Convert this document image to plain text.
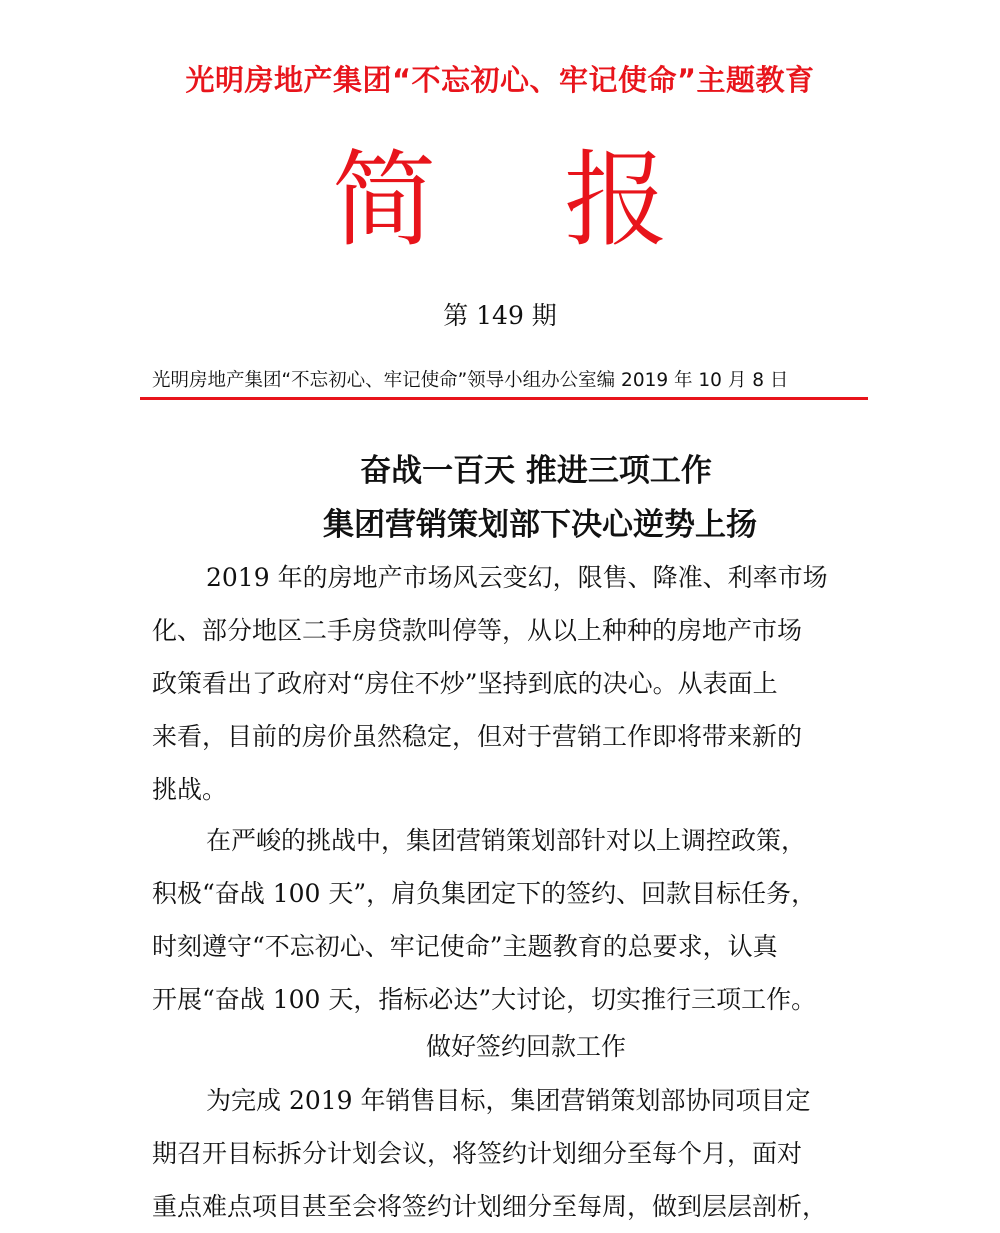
光明房地产集团“不忘初心、牢记使命”主题教育
简报
第 149 期
光明房地产集团“不忘初心、牢记使命”领导小组办公室编 2019 年 10 月 8 日
奋战一百天 推进三项工作
集团营销策划部下决心逆势上扬
2019 年的房地产市场风云变幻，限售、降准、利率市场
化、部分地区二手房贷款叫停等，从以上种种的房地产市场
政策看出了政府对“房住不炒”坚持到底的决心。从表面上
来看，目前的房价虽然稳定，但对于营销工作即将带来新的
挑战。
在严峻的挑战中，集团营销策划部针对以上调控政策，
积极“奋战 100 天”，肩负集团定下的签约、回款目标任务，
时刻遵守“不忘初心、牢记使命”主题教育的总要求，认真
开展“奋战 100 天，指标必达”大讨论，切实推行三项工作。
做好签约回款工作
为完成 2019 年销售目标，集团营销策划部协同项目定
期召开目标拆分计划会议，将签约计划细分至每个月，面对
重点难点项目甚至会将签约计划细分至每周，做到层层剖析，
